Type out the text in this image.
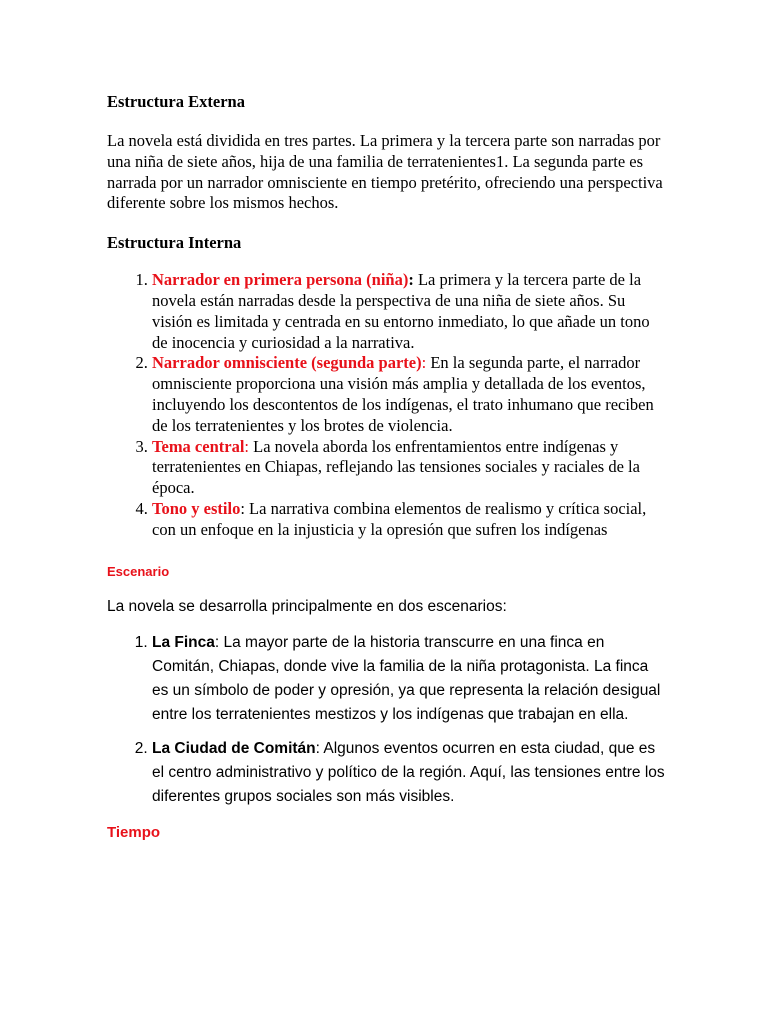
Estructura Externa

La novela está dividida en tres partes. La primera y la tercera parte son narradas por una niña de siete años, hija de una familia de terratenientes1. La segunda parte es narrada por un narrador omnisciente en tiempo pretérito, ofreciendo una perspectiva diferente sobre los mismos hechos.

Estructura Interna
1. Narrador en primera persona (niña): La primera y la tercera parte de la novela están narradas desde la perspectiva de una niña de siete años. Su visión es limitada y centrada en su entorno inmediato, lo que añade un tono de inocencia y curiosidad a la narrativa.
2. Narrador omnisciente (segunda parte): En la segunda parte, el narrador omnisciente proporciona una visión más amplia y detallada de los eventos, incluyendo los descontentos de los indígenas, el trato inhumano que reciben de los terratenientes y los brotes de violencia.
3. Tema central: La novela aborda los enfrentamientos entre indígenas y terratenientes en Chiapas, reflejando las tensiones sociales y raciales de la época.
4. Tono y estilo: La narrativa combina elementos de realismo y crítica social, con un enfoque en la injusticia y la opresión que sufren los indígenas
Escenario

La novela se desarrolla principalmente en dos escenarios:

1. La Finca: La mayor parte de la historia transcurre en una finca en Comitán, Chiapas, donde vive la familia de la niña protagonista. La finca es un símbolo de poder y opresión, ya que representa la relación desigual entre los terratenientes mestizos y los indígenas que trabajan en ella.
2. La Ciudad de Comitán: Algunos eventos ocurren en esta ciudad, que es el centro administrativo y político de la región. Aquí, las tensiones entre los diferentes grupos sociales son más visibles.
Tiempo
